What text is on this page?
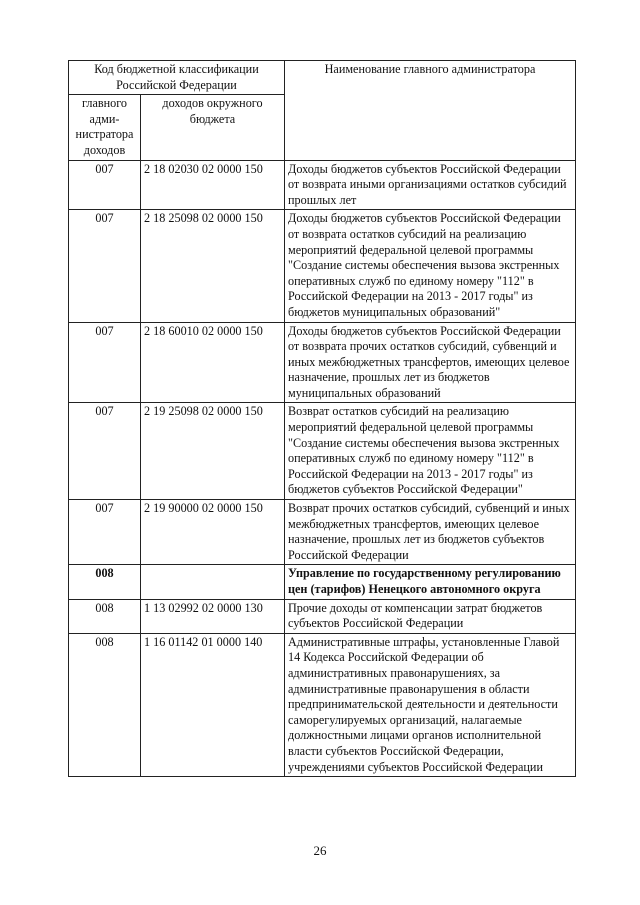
Код бюджетной классификации Российской Федерации		Наименование главного администратора
главного адми-нистратора доходов	доходов окружного бюджета	
007	2 18 02030 02 0000 150	Доходы бюджетов субъектов Российской Федерации от возврата иными организациями остатков субсидий прошлых лет
007	2 18 25098 02 0000 150	Доходы бюджетов субъектов Российской Федерации от возврата остатков субсидий на реализацию мероприятий федеральной целевой программы "Создание системы обеспечения вызова экстренных оперативных служб по единому номеру "112" в Российской Федерации на 2013 - 2017 годы" из бюджетов муниципальных образований"
007	2 18 60010 02 0000 150	Доходы бюджетов субъектов Российской Федерации от возврата прочих остатков субсидий, субвенций и иных межбюджетных трансфертов, имеющих целевое назначение, прошлых лет из бюджетов муниципальных образований
007	2 19 25098 02 0000 150	Возврат остатков субсидий на реализацию мероприятий федеральной целевой программы "Создание системы обеспечения вызова экстренных оперативных служб по единому номеру "112" в Российской Федерации на 2013 - 2017 годы" из бюджетов субъектов Российской Федерации"
007	2 19 90000 02 0000 150	Возврат прочих остатков субсидий, субвенций и иных межбюджетных трансфертов, имеющих целевое назначение, прошлых лет из бюджетов субъектов Российской Федерации
008		Управление по государственному регулированию цен (тарифов) Ненецкого автономного округа
008	1 13 02992 02 0000 130	Прочие доходы от компенсации затрат бюджетов субъектов Российской Федерации
008	1 16 01142 01 0000 140	Административные штрафы, установленные Главой 14 Кодекса Российской Федерации об административных правонарушениях, за административные правонарушения в области предпринимательской деятельности и деятельности саморегулируемых организаций, налагаемые должностными лицами органов исполнительной власти субъектов Российской Федерации, учреждениями субъектов Российской Федерации
26
